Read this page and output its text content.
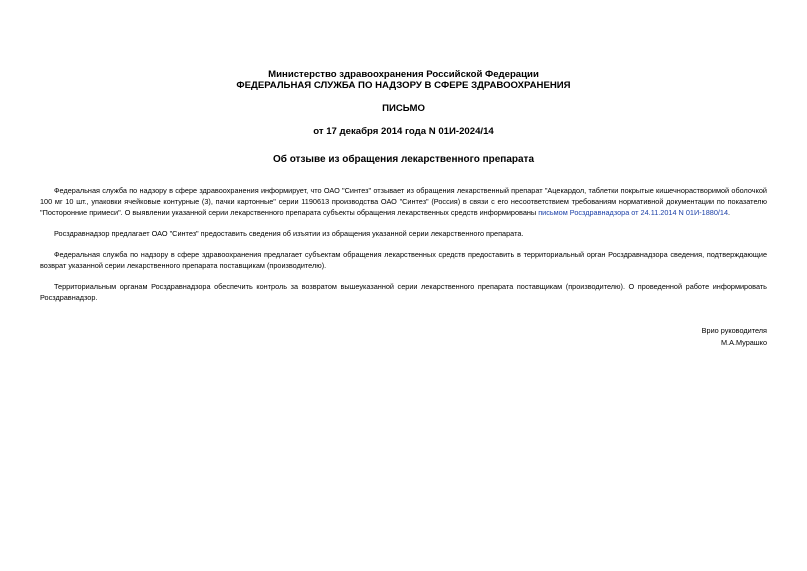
Министерство здравоохранения Российской Федерации
ФЕДЕРАЛЬНАЯ СЛУЖБА ПО НАДЗОРУ В СФЕРЕ ЗДРАВООХРАНЕНИЯ
ПИСЬМО
от 17 декабря 2014 года N 01И-2024/14
Об отзыве из обращения лекарственного препарата

Федеральная служба по надзору в сфере здравоохранения информирует, что ОАО "Синтез" отзывает из обращения лекарственный препарат "Ацекардол, таблетки покрытые кишечнорастворимой оболочкой 100 мг 10 шт., упаковки ячейковые контурные (3), пачки картонные" серии 1190613 производства ОАО "Синтез" (Россия) в связи с его несоответствием требованиям нормативной документации по показателю "Посторонние примеси". О выявлении указанной серии лекарственного препарата субъекты обращения лекарственных средств информированы письмом Росздравнадзора от 24.11.2014 N 01И-1880/14.

Росздравнадзор предлагает ОАО "Синтез" предоставить сведения об изъятии из обращения указанной серии лекарственного препарата.

Федеральная служба по надзору в сфере здравоохранения предлагает субъектам обращения лекарственных средств предоставить в территориальный орган Росздравнадзора сведения, подтверждающие возврат указанной серии лекарственного препарата поставщикам (производителю).

Территориальным органам Росздравнадзора обеспечить контроль за возвратом вышеуказанной серии лекарственного препарата поставщикам (производителю). О проведенной работе информировать Росздравнадзор.

Врио руководителя
М.А.Мурашко
